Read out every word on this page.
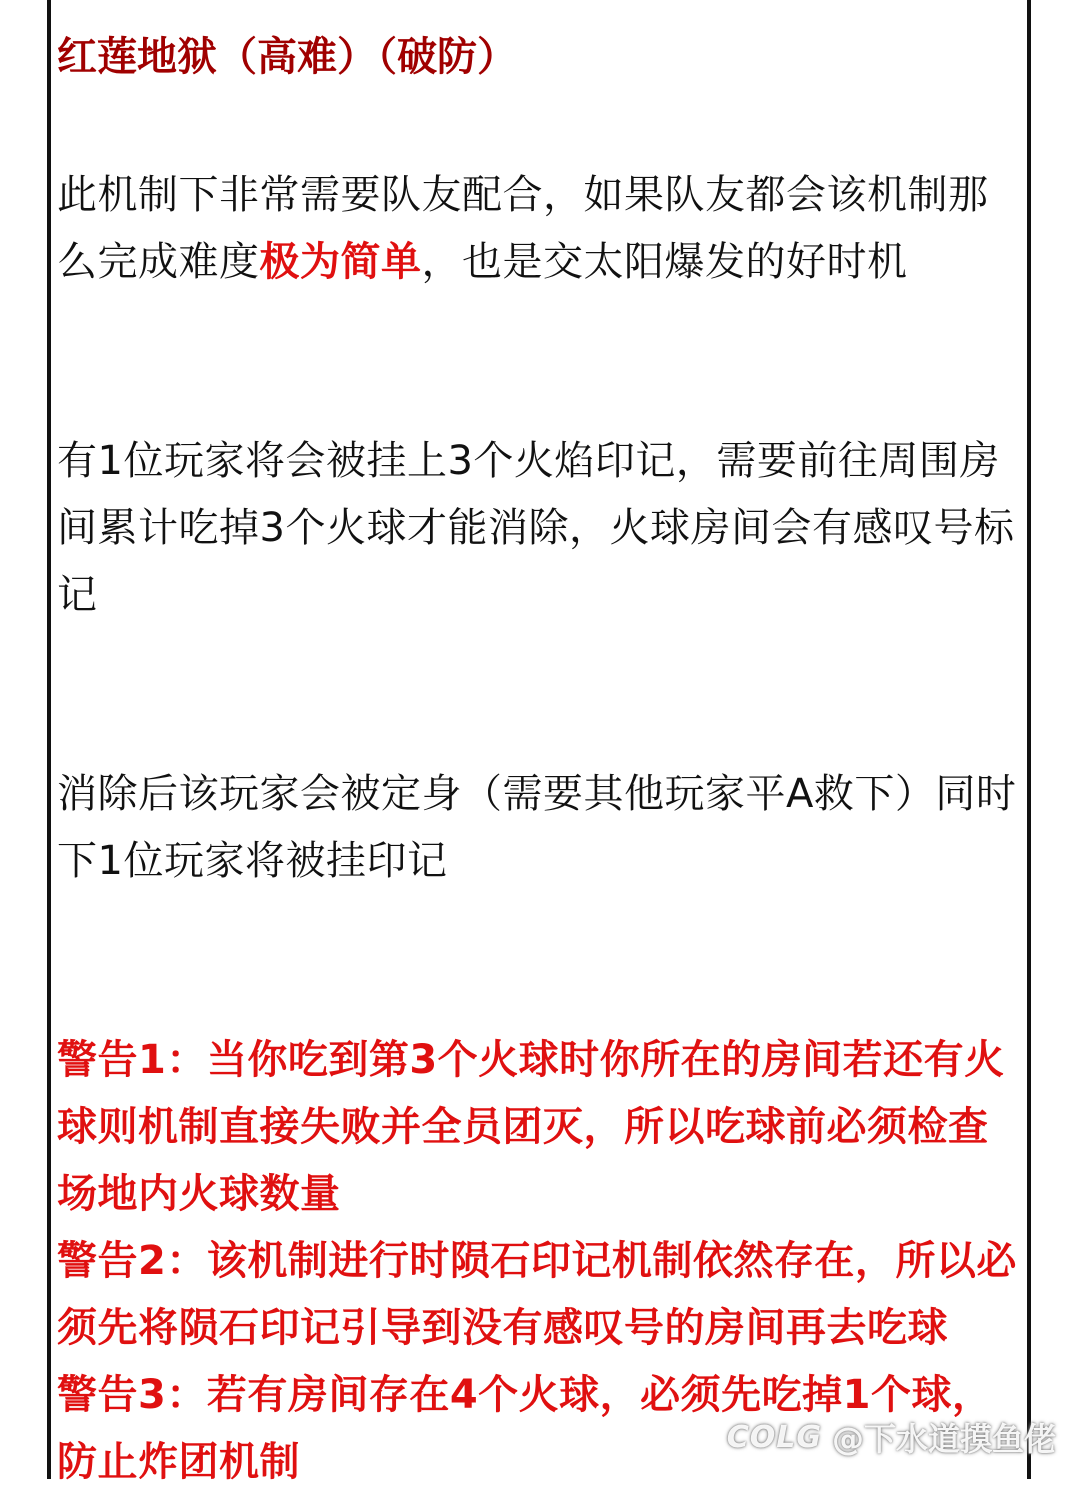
红莲地狱（高难）（破防）

此机制下非常需要队友配合，如果队友都会该机制那么完成难度极为简单，也是交太阳爆发的好时机

有1位玩家将会被挂上3个火焰印记，需要前往周围房间累计吃掉3个火球才能消除，火球房间会有感叹号标记

消除后该玩家会被定身（需要其他玩家平A救下）同时下1位玩家将被挂印记

警告1：当你吃到第3个火球时你所在的房间若还有火球则机制直接失败并全员团灭，所以吃球前必须检查场地内火球数量

警告2：该机制进行时陨石印记机制依然存在，所以必须先将陨石印记引导到没有感叹号的房间再去吃球

警告3：若有房间存在4个火球，必须先吃掉1个球，防止炸团机制

COLG @下水道摸鱼佬
